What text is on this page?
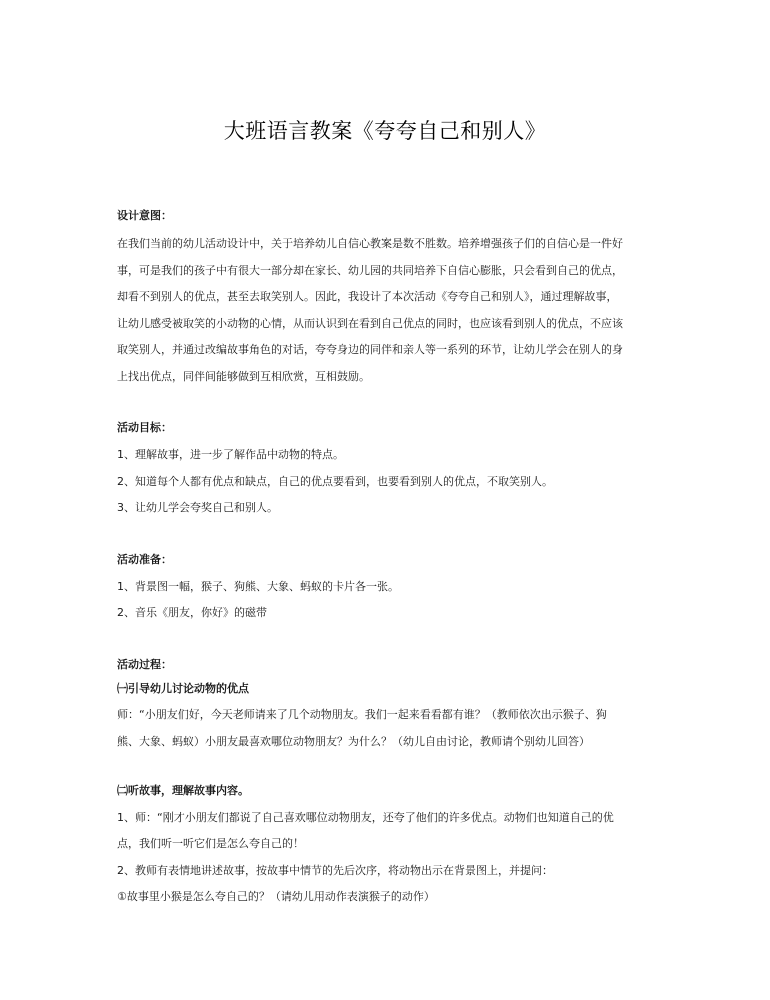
大班语言教案《夸夸自己和别人》

设计意图：

在我们当前的幼儿活动设计中，关于培养幼儿自信心教案是数不胜数。培养增强孩子们的自信心是一件好

事，可是我们的孩子中有很大一部分却在家长、幼儿园的共同培养下自信心膨胀，只会看到自己的优点，

却看不到别人的优点，甚至去取笑别人。因此，我设计了本次活动《夸夸自己和别人》，通过理解故事，

让幼儿感受被取笑的小动物的心情，从而认识到在看到自己优点的同时，也应该看到别人的优点，不应该

取笑别人，并通过改编故事角色的对话，夸夸身边的同伴和亲人等一系列的环节，让幼儿学会在别人的身

上找出优点，同伴间能够做到互相欣赏，互相鼓励。

活动目标：

1、理解故事，进一步了解作品中动物的特点。

2、知道每个人都有优点和缺点，自己的优点要看到，也要看到别人的优点，不取笑别人。

3、让幼儿学会夸奖自己和别人。

活动准备：

1、背景图一幅，猴子、狗熊、大象、蚂蚁的卡片各一张。

2、音乐《朋友，你好》的磁带

活动过程：

㈠引导幼儿讨论动物的优点

师：“小朋友们好，今天老师请来了几个动物朋友。我们一起来看看都有谁？（教师依次出示猴子、狗

熊、大象、蚂蚁）小朋友最喜欢哪位动物朋友？为什么？（幼儿自由讨论，教师请个别幼儿回答）

㈡听故事，理解故事内容。

1、师：“刚才小朋友们都说了自己喜欢哪位动物朋友，还夸了他们的许多优点。动物们也知道自己的优

点，我们听一听它们是怎么夸自己的！

2、教师有表情地讲述故事，按故事中情节的先后次序，将动物出示在背景图上，并提问：

①故事里小猴是怎么夸自己的？（请幼儿用动作表演猴子的动作）
